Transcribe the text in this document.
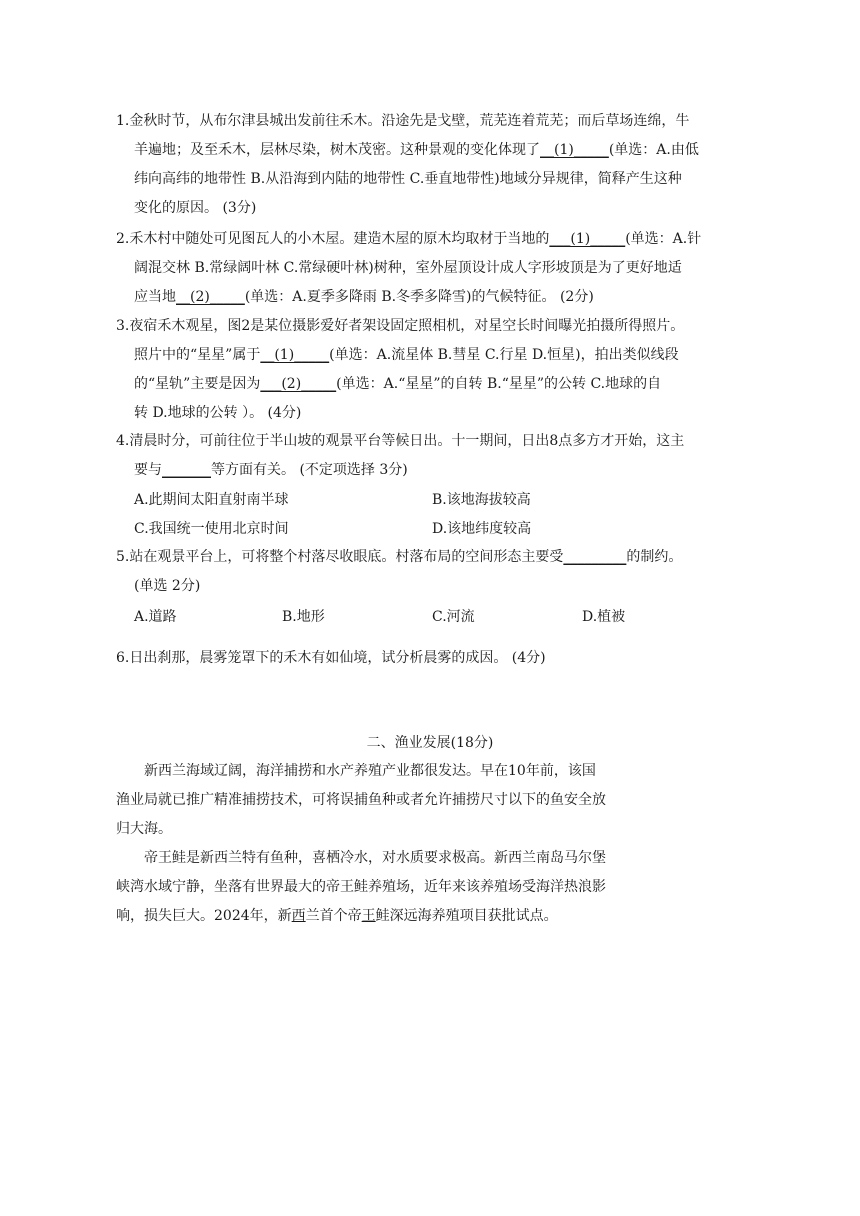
1.金秋时节，从布尔津县城出发前往禾木。沿途先是戈壁，荒芜连着荒芜；而后草场连绵，牛
羊遍地；及至禾木，层林尽染，树木茂密。这种景观的变化体现了__(1)_____(单选：A.由低
纬向高纬的地带性 B.从沿海到内陆的地带性 C.垂直地带性)地域分异规律，简释产生这种
变化的原因。 (3分)
2.禾木村中随处可见图瓦人的小木屋。建造木屋的原木均取材于当地的___(1)_____(单选：A.针
阔混交林 B.常绿阔叶林 C.常绿硬叶林)树种，室外屋顶设计成人字形坡顶是为了更好地适
应当地__(2)_____(单选：A.夏季多降雨 B.冬季多降雪)的气候特征。 (2分)
3.夜宿禾木观星，图2是某位摄影爱好者架设固定照相机，对星空长时间曝光拍摄所得照片。
照片中的“星星”属于__(1)_____(单选：A.流星体 B.彗星 C.行星 D.恒星)，拍出类似线段
的“星轨”主要是因为___(2)_____(单选：A.“星星”的自转 B.“星星”的公转 C.地球的自
转 D.地球的公转 ）。 (4分)
4.清晨时分，可前往位于半山坡的观景平台等候日出。十一期间，日出8点多方才开始，这主
要与_______等方面有关。 (不定项选择 3分)
A.此期间太阳直射南半球	B.该地海拔较高
C.我国统一使用北京时间	D.该地纬度较高
5.站在观景平台上，可将整个村落尽收眼底。村落布局的空间形态主要受_________的制约。
(单选 2分)
A.道路	B.地形	C.河流	D.植被
6.日出刹那，晨雾笼罩下的禾木有如仙境，试分析晨雾的成因。 (4分)
二、渔业发展(18分)
新西兰海域辽阔，海洋捕捞和水产养殖产业都很发达。早在10年前，该国
渔业局就已推广精准捕捞技术，可将误捕鱼种或者允许捕捞尺寸以下的鱼安全放
归大海。
帝王鲑是新西兰特有鱼种，喜栖冷水，对水质要求极高。新西兰南岛马尔堡
峡湾水域宁静，坐落有世界最大的帝王鲑养殖场，近年来该养殖场受海洋热浪影
响，损失巨大。2024年，新西兰首个帝王鲑深远海养殖项目获批试点。
